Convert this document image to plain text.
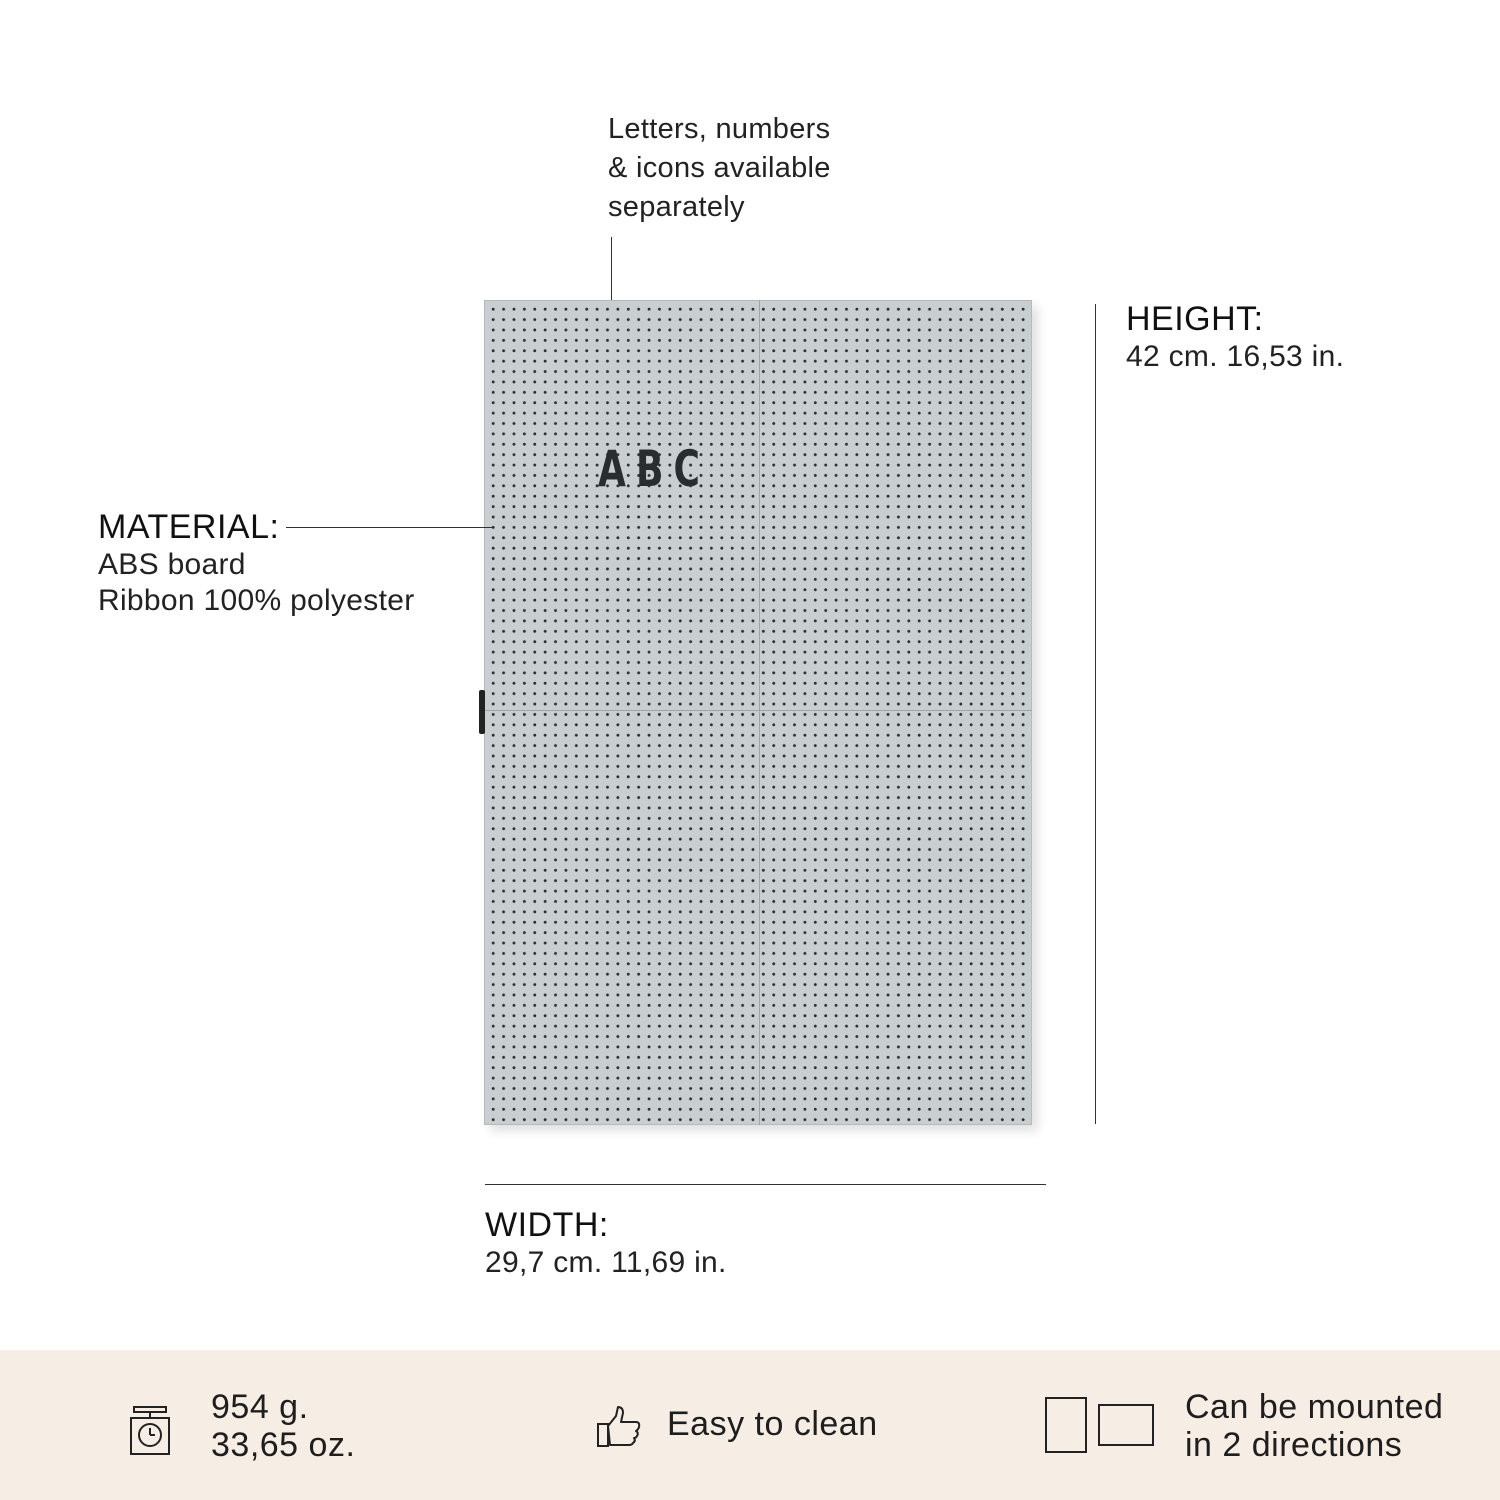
Letters, numbers
& icons available
separately
ABC
MATERIAL:
ABS board
Ribbon 100% polyester
HEIGHT:
42 cm. 16,53 in.
WIDTH:
29,7 cm. 11,69 in.
954 g.
33,65 oz.
Easy to clean	Can be mounted
in 2 directions
